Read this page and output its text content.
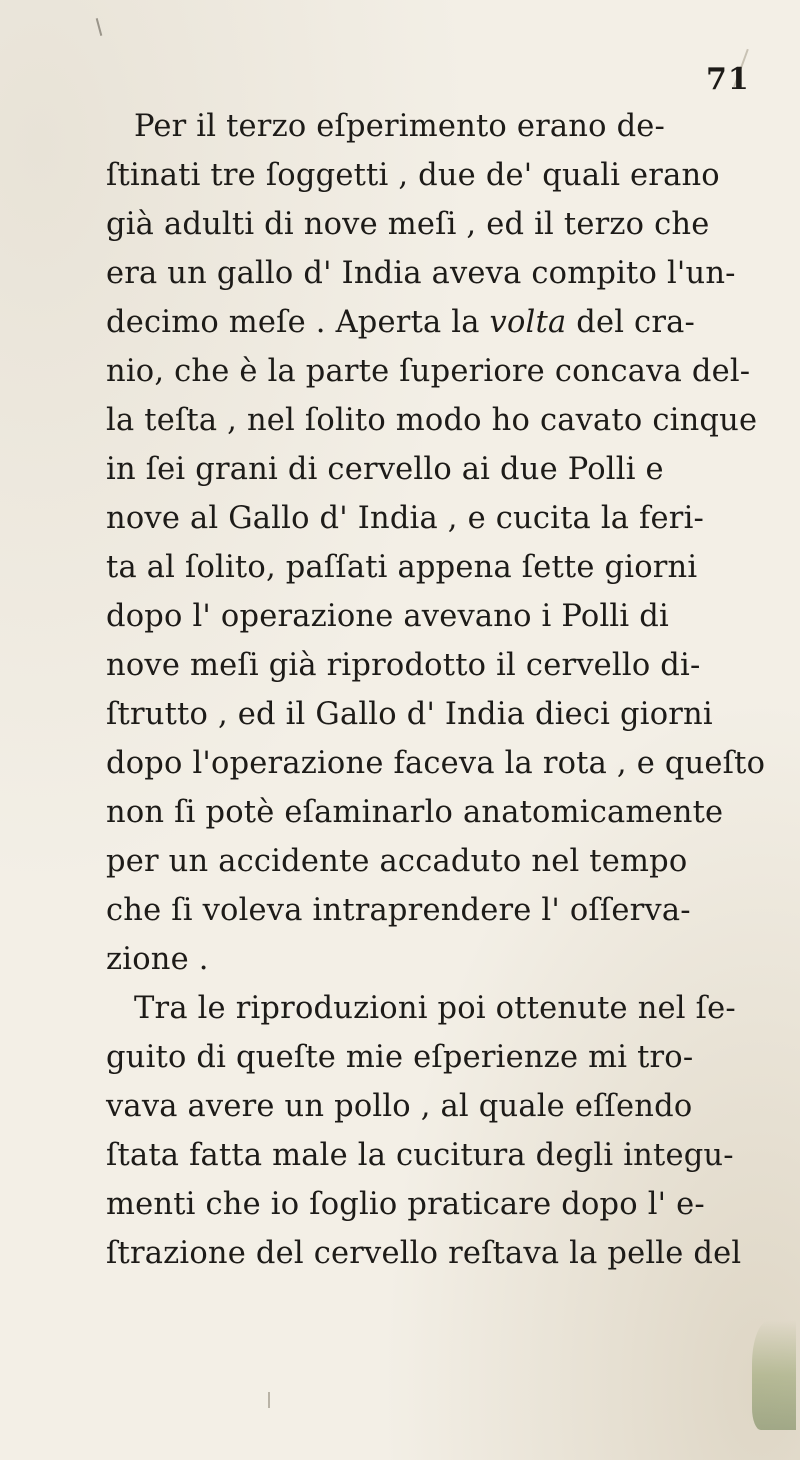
71
Per il terzo eſperimento erano de-
ſtinati tre ſoggetti , due de' quali erano
già adulti di nove meſi , ed il terzo che
era un gallo d' India aveva compito l'un-
decimo meſe . Aperta la volta del cra-
nio, che è la parte ſuperiore concava del-
la teſta , nel ſolito modo ho cavato cinque
in ſei grani di cervello ai due Polli e
nove al Gallo d' India , e cucita la feri-
ta al ſolito, paſſati appena ſette giorni
dopo l' operazione avevano i Polli di
nove meſi già riprodotto il cervello di-
ſtrutto , ed il Gallo d' India dieci giorni
dopo l'operazione faceva la rota , e queſto
non ſi potè eſaminarlo anatomicamente
per un accidente accaduto nel tempo
che ſi voleva intraprendere l' oſſerva-
zione .
Tra le riproduzioni poi ottenute nel ſe-
guito di queſte mie eſperienze mi tro-
vava avere un pollo , al quale eſſendo
ſtata fatta male la cucitura degli integu-
menti che io ſoglio praticare dopo l' e-
ſtrazione del cervello reſtava la pelle del
